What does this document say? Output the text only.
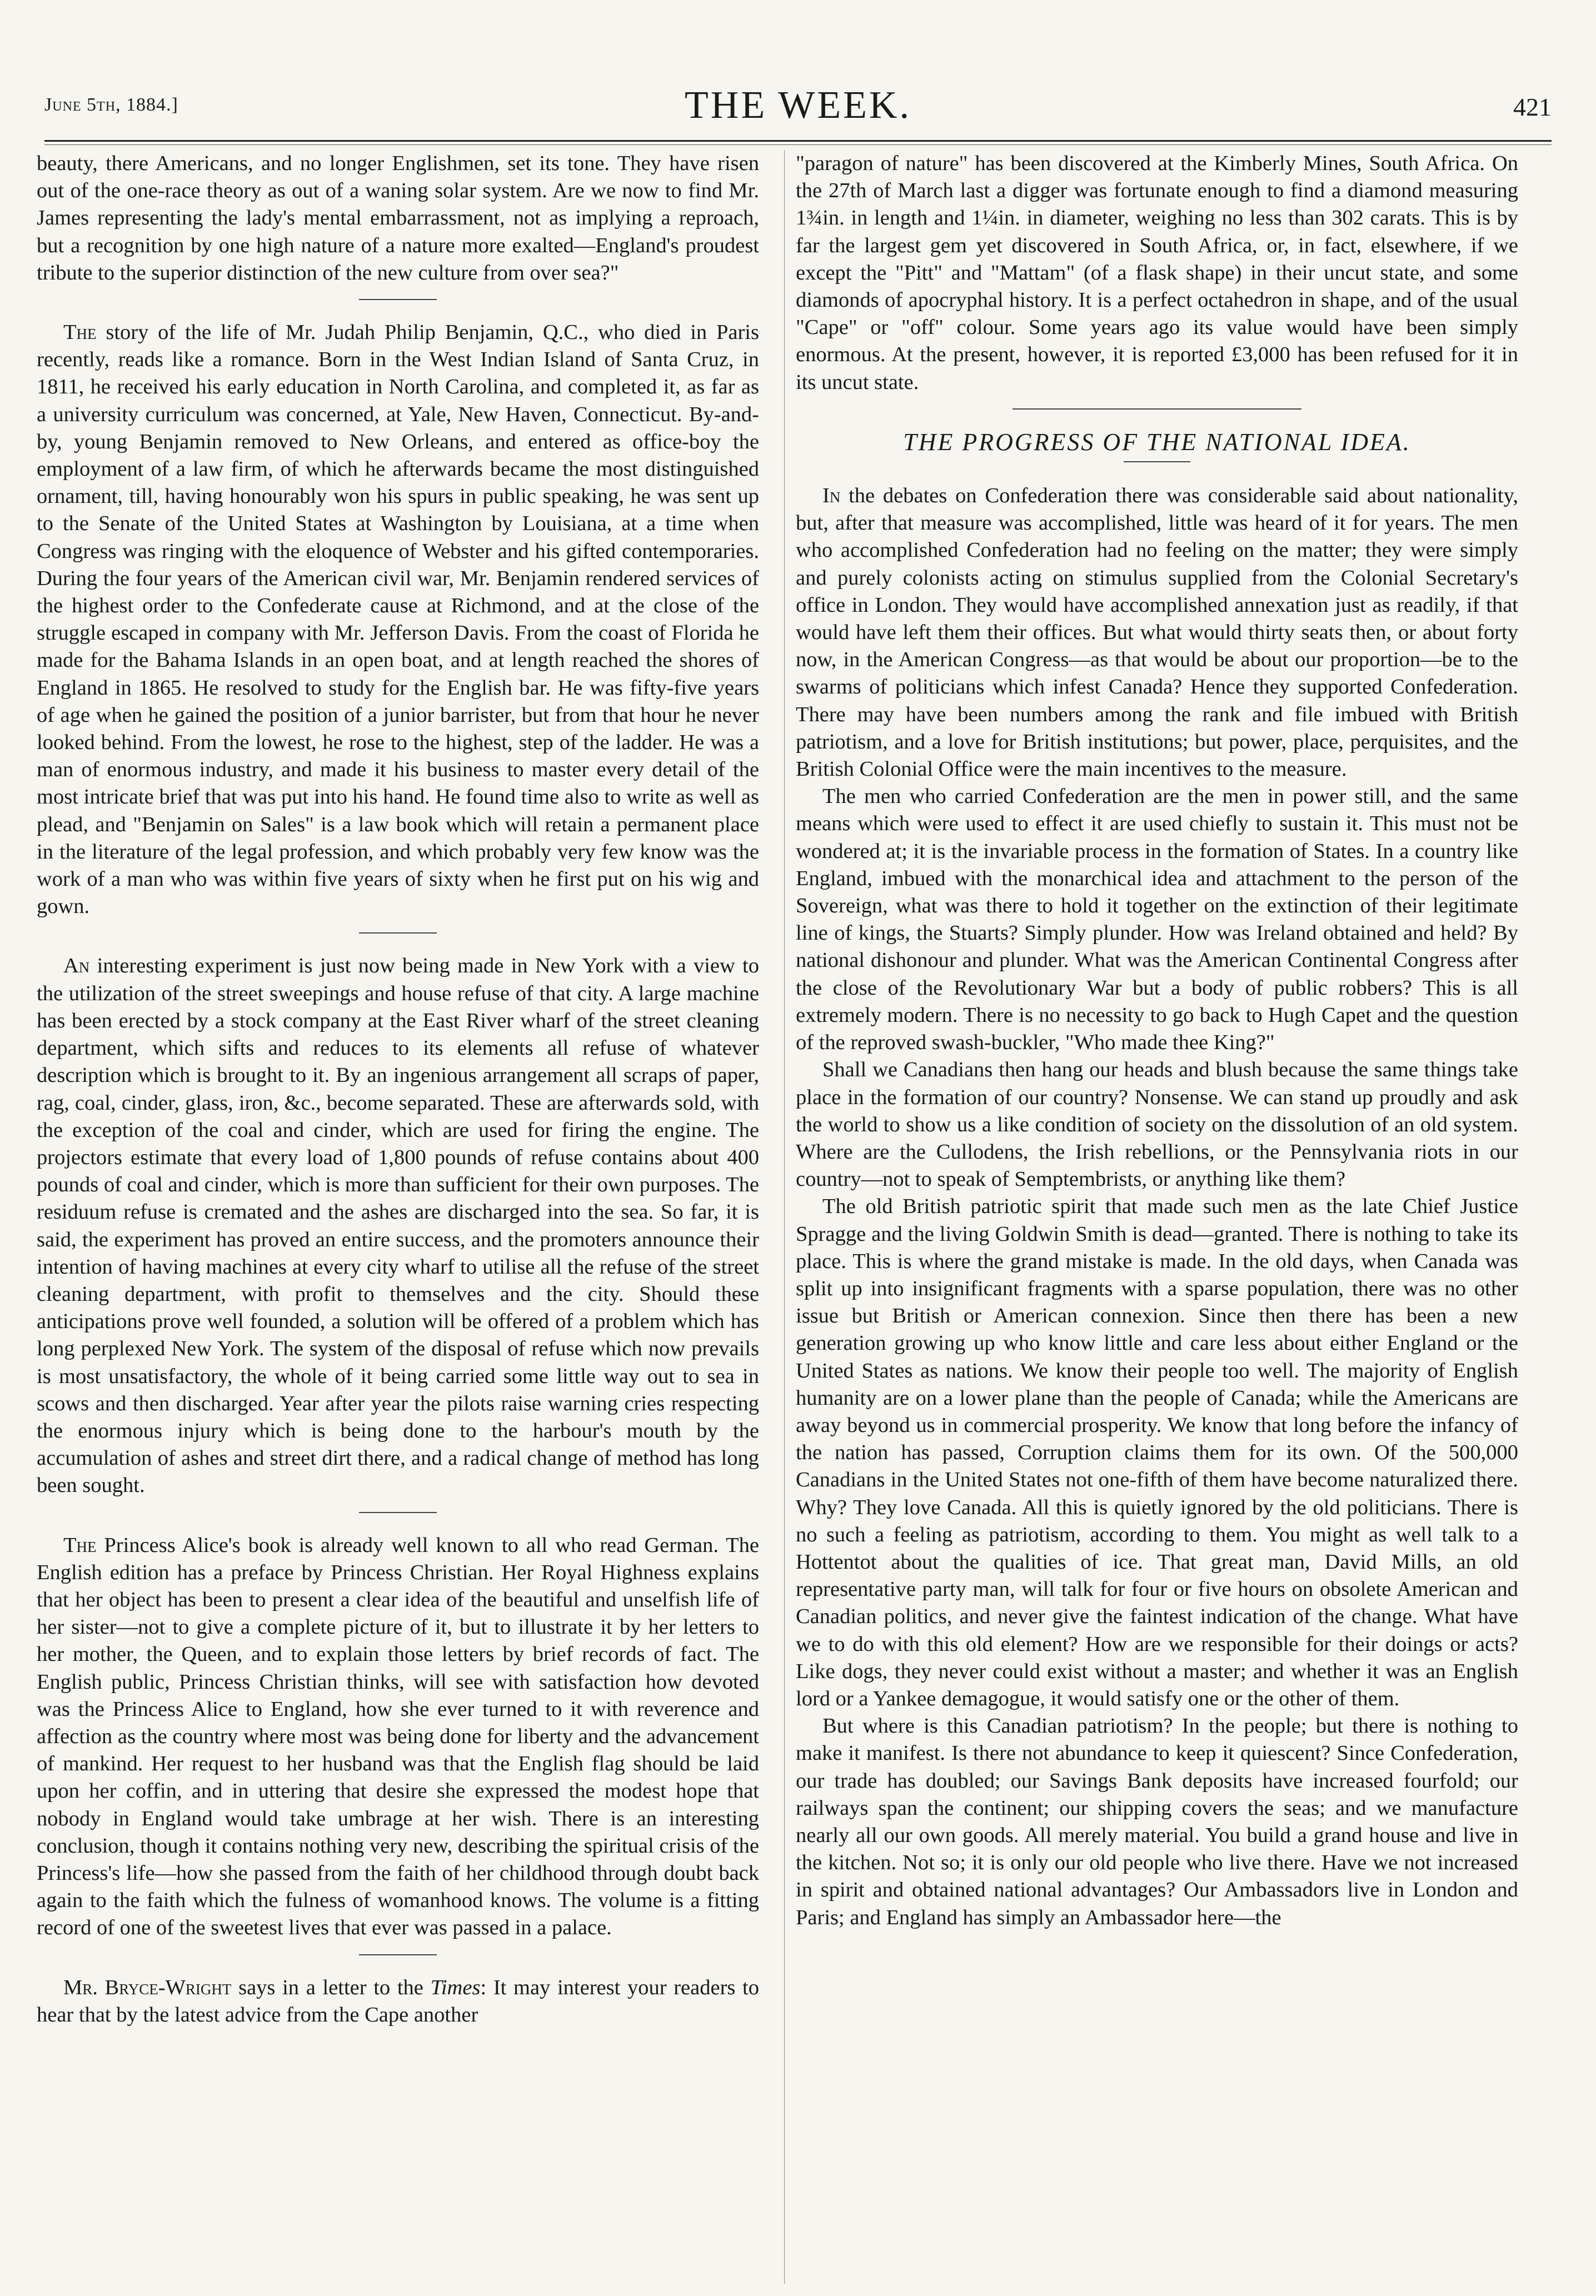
June 5th, 1884.]	THE WEEK.	421

beauty, there Americans, and no longer Englishmen, set its tone. They have risen out of the one-race theory as out of a waning solar system. Are we now to find Mr. James representing the lady's mental embarrassment, not as implying a reproach, but a recognition by one high nature of a nature more exalted—England's proudest tribute to the superior distinction of the new culture from over sea?"

The story of the life of Mr. Judah Philip Benjamin, Q.C., who died in Paris recently, reads like a romance. Born in the West Indian Island of Santa Cruz, in 1811, he received his early education in North Carolina, and completed it, as far as a university curriculum was concerned, at Yale, New Haven, Connecticut. By-and-by, young Benjamin removed to New Orleans, and entered as office-boy the employment of a law firm, of which he afterwards became the most distinguished ornament, till, having honourably won his spurs in public speaking, he was sent up to the Senate of the United States at Washington by Louisiana, at a time when Congress was ringing with the eloquence of Webster and his gifted contemporaries. During the four years of the American civil war, Mr. Benjamin rendered services of the highest order to the Confederate cause at Richmond, and at the close of the struggle escaped in company with Mr. Jefferson Davis. From the coast of Florida he made for the Bahama Islands in an open boat, and at length reached the shores of England in 1865. He resolved to study for the English bar. He was fifty-five years of age when he gained the position of a junior barrister, but from that hour he never looked behind. From the lowest, he rose to the highest, step of the ladder. He was a man of enormous industry, and made it his business to master every detail of the most intricate brief that was put into his hand. He found time also to write as well as plead, and "Benjamin on Sales" is a law book which will retain a permanent place in the literature of the legal profession, and which probably very few know was the work of a man who was within five years of sixty when he first put on his wig and gown.

An interesting experiment is just now being made in New York with a view to the utilization of the street sweepings and house refuse of that city. A large machine has been erected by a stock company at the East River wharf of the street cleaning department, which sifts and reduces to its elements all refuse of whatever description which is brought to it. By an ingenious arrangement all scraps of paper, rag, coal, cinder, glass, iron, &c., become separated. These are afterwards sold, with the exception of the coal and cinder, which are used for firing the engine. The projectors estimate that every load of 1,800 pounds of refuse contains about 400 pounds of coal and cinder, which is more than sufficient for their own purposes. The residuum refuse is cremated and the ashes are discharged into the sea. So far, it is said, the experiment has proved an entire success, and the promoters announce their intention of having machines at every city wharf to utilise all the refuse of the street cleaning department, with profit to themselves and the city. Should these anticipations prove well founded, a solution will be offered of a problem which has long perplexed New York. The system of the disposal of refuse which now prevails is most unsatisfactory, the whole of it being carried some little way out to sea in scows and then discharged. Year after year the pilots raise warning cries respecting the enormous injury which is being done to the harbour's mouth by the accumulation of ashes and street dirt there, and a radical change of method has long been sought.

The Princess Alice's book is already well known to all who read German. The English edition has a preface by Princess Christian. Her Royal Highness explains that her object has been to present a clear idea of the beautiful and unselfish life of her sister—not to give a complete picture of it, but to illustrate it by her letters to her mother, the Queen, and to explain those letters by brief records of fact. The English public, Princess Christian thinks, will see with satisfaction how devoted was the Princess Alice to England, how she ever turned to it with reverence and affection as the country where most was being done for liberty and the advancement of mankind. Her request to her husband was that the English flag should be laid upon her coffin, and in uttering that desire she expressed the modest hope that nobody in England would take umbrage at her wish. There is an interesting conclusion, though it contains nothing very new, describing the spiritual crisis of the Princess's life—how she passed from the faith of her childhood through doubt back again to the faith which the fulness of womanhood knows. The volume is a fitting record of one of the sweetest lives that ever was passed in a palace.

Mr. Bryce-Wright says in a letter to the Times: It may interest your readers to hear that by the latest advice from the Cape another

"paragon of nature" has been discovered at the Kimberly Mines, South Africa. On the 27th of March last a digger was fortunate enough to find a diamond measuring 1¾in. in length and 1¼in. in diameter, weighing no less than 302 carats. This is by far the largest gem yet discovered in South Africa, or, in fact, elsewhere, if we except the "Pitt" and "Mattam" (of a flask shape) in their uncut state, and some diamonds of apocryphal history. It is a perfect octahedron in shape, and of the usual "Cape" or "off" colour. Some years ago its value would have been simply enormous. At the present, however, it is reported £3,000 has been refused for it in its uncut state.

THE PROGRESS OF THE NATIONAL IDEA.

In the debates on Confederation there was considerable said about nationality, but, after that measure was accomplished, little was heard of it for years. The men who accomplished Confederation had no feeling on the matter; they were simply and purely colonists acting on stimulus supplied from the Colonial Secretary's office in London. They would have accomplished annexation just as readily, if that would have left them their offices. But what would thirty seats then, or about forty now, in the American Congress—as that would be about our proportion—be to the swarms of politicians which infest Canada? Hence they supported Confederation. There may have been numbers among the rank and file imbued with British patriotism, and a love for British institutions; but power, place, perquisites, and the British Colonial Office were the main incentives to the measure.

The men who carried Confederation are the men in power still, and the same means which were used to effect it are used chiefly to sustain it. This must not be wondered at; it is the invariable process in the formation of States. In a country like England, imbued with the monarchical idea and attachment to the person of the Sovereign, what was there to hold it together on the extinction of their legitimate line of kings, the Stuarts? Simply plunder. How was Ireland obtained and held? By national dishonour and plunder. What was the American Continental Congress after the close of the Revolutionary War but a body of public robbers? This is all extremely modern. There is no necessity to go back to Hugh Capet and the question of the reproved swash-buckler, "Who made thee King?"

Shall we Canadians then hang our heads and blush because the same things take place in the formation of our country? Nonsense. We can stand up proudly and ask the world to show us a like condition of society on the dissolution of an old system. Where are the Cullodens, the Irish rebellions, or the Pennsylvania riots in our country—not to speak of Semptembrists, or anything like them?

The old British patriotic spirit that made such men as the late Chief Justice Spragge and the living Goldwin Smith is dead—granted. There is nothing to take its place. This is where the grand mistake is made. In the old days, when Canada was split up into insignificant fragments with a sparse population, there was no other issue but British or American connexion. Since then there has been a new generation growing up who know little and care less about either England or the United States as nations. We know their people too well. The majority of English humanity are on a lower plane than the people of Canada; while the Americans are away beyond us in commercial prosperity. We know that long before the infancy of the nation has passed, Corruption claims them for its own. Of the 500,000 Canadians in the United States not one-fifth of them have become naturalized there. Why? They love Canada. All this is quietly ignored by the old politicians. There is no such a feeling as patriotism, according to them. You might as well talk to a Hottentot about the qualities of ice. That great man, David Mills, an old representative party man, will talk for four or five hours on obsolete American and Canadian politics, and never give the faintest indication of the change. What have we to do with this old element? How are we responsible for their doings or acts? Like dogs, they never could exist without a master; and whether it was an English lord or a Yankee demagogue, it would satisfy one or the other of them.

But where is this Canadian patriotism? In the people; but there is nothing to make it manifest. Is there not abundance to keep it quiescent? Since Confederation, our trade has doubled; our Savings Bank deposits have increased fourfold; our railways span the continent; our shipping covers the seas; and we manufacture nearly all our own goods. All merely material. You build a grand house and live in the kitchen. Not so; it is only our old people who live there. Have we not increased in spirit and obtained national advantages? Our Ambassadors live in London and Paris; and England has simply an Ambassador here—the
